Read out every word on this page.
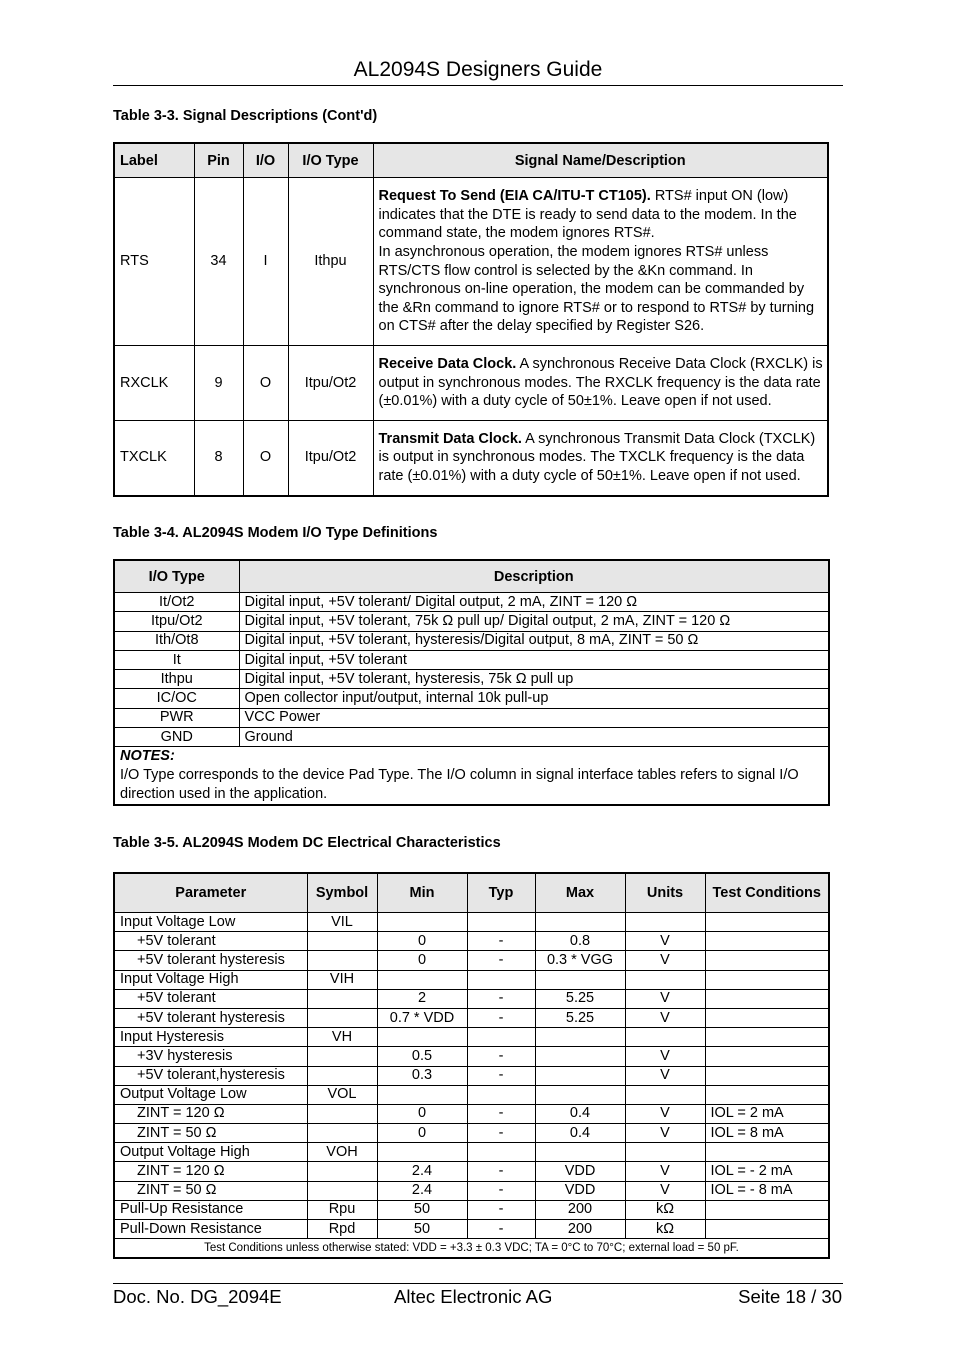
AL2094S Designers Guide
Table 3-3. Signal Descriptions (Cont'd)
Label	Pin	I/O	I/O Type	Signal Name/Description
RTS	34	I	Ithpu	Request To Send (EIA CA/ITU-T CT105). RTS# input ON (low) indicates that the DTE is ready to send data to the modem. In the command state, the modem ignores RTS#.
In asynchronous operation, the modem ignores RTS# unless RTS/CTS flow control is selected by the &Kn command. In synchronous on-line operation, the modem can be commanded by the &Rn command to ignore RTS# or to respond to RTS# by turning on CTS# after the delay specified by Register S26.
RXCLK	9	O	Itpu/Ot2	Receive Data Clock. A synchronous Receive Data Clock (RXCLK) is output in synchronous modes. The RXCLK frequency is the data rate (±0.01%) with a duty cycle of 50±1%. Leave open if not used.
TXCLK	8	O	Itpu/Ot2	Transmit Data Clock. A synchronous Transmit Data Clock (TXCLK) is output in synchronous modes. The TXCLK frequency is the data rate (±0.01%) with a duty cycle of 50±1%. Leave open if not used.
Table 3-4. AL2094S Modem I/O Type Definitions
I/O Type	Description
It/Ot2	Digital input, +5V tolerant/ Digital output, 2 mA, ZINT = 120 Ω
Itpu/Ot2	Digital input, +5V tolerant, 75k Ω pull up/ Digital output, 2 mA, ZINT = 120 Ω
Ith/Ot8	Digital input, +5V tolerant, hysteresis/Digital output, 8 mA, ZINT = 50 Ω
It	Digital input, +5V tolerant
Ithpu	Digital input, +5V tolerant, hysteresis, 75k Ω pull up
IC/OC	Open collector input/output, internal 10k pull-up
PWR	VCC Power
GND	Ground
NOTES:
I/O Type corresponds to the device Pad Type. The I/O column in signal interface tables refers to signal I/O direction used in the application.	
Table 3-5. AL2094S Modem DC Electrical Characteristics
Parameter	Symbol	Min	Typ	Max	Units	Test Conditions
Input Voltage Low	VIL					
+5V tolerant		0	-	0.8	V	
+5V tolerant hysteresis		0	-	0.3 * VGG	V	
Input Voltage High	VIH					
+5V tolerant		2	-	5.25	V	
+5V tolerant hysteresis		0.7 * VDD	-	5.25	V	
Input Hysteresis	VH					
+3V hysteresis		0.5	-		V	
+5V tolerant,hysteresis		0.3	-		V	
Output Voltage Low	VOL					
ZINT = 120 Ω		0	-	0.4	V	IOL = 2 mA
ZINT = 50 Ω		0	-	0.4	V	IOL = 8 mA
Output Voltage High	VOH					
ZINT = 120 Ω		2.4	-	VDD	V	IOL = - 2 mA
ZINT = 50 Ω		2.4	-	VDD	V	IOL = - 8 mA
Pull-Up Resistance	Rpu	50	-	200	kΩ	
Pull-Down Resistance	Rpd	50	-	200	kΩ	
Test Conditions unless otherwise stated: VDD = +3.3 ± 0.3 VDC; TA = 0°C to 70°C; external load = 50 pF.						
Doc. No. DG_2094E	Altec Electronic AG	Seite 18 / 30
